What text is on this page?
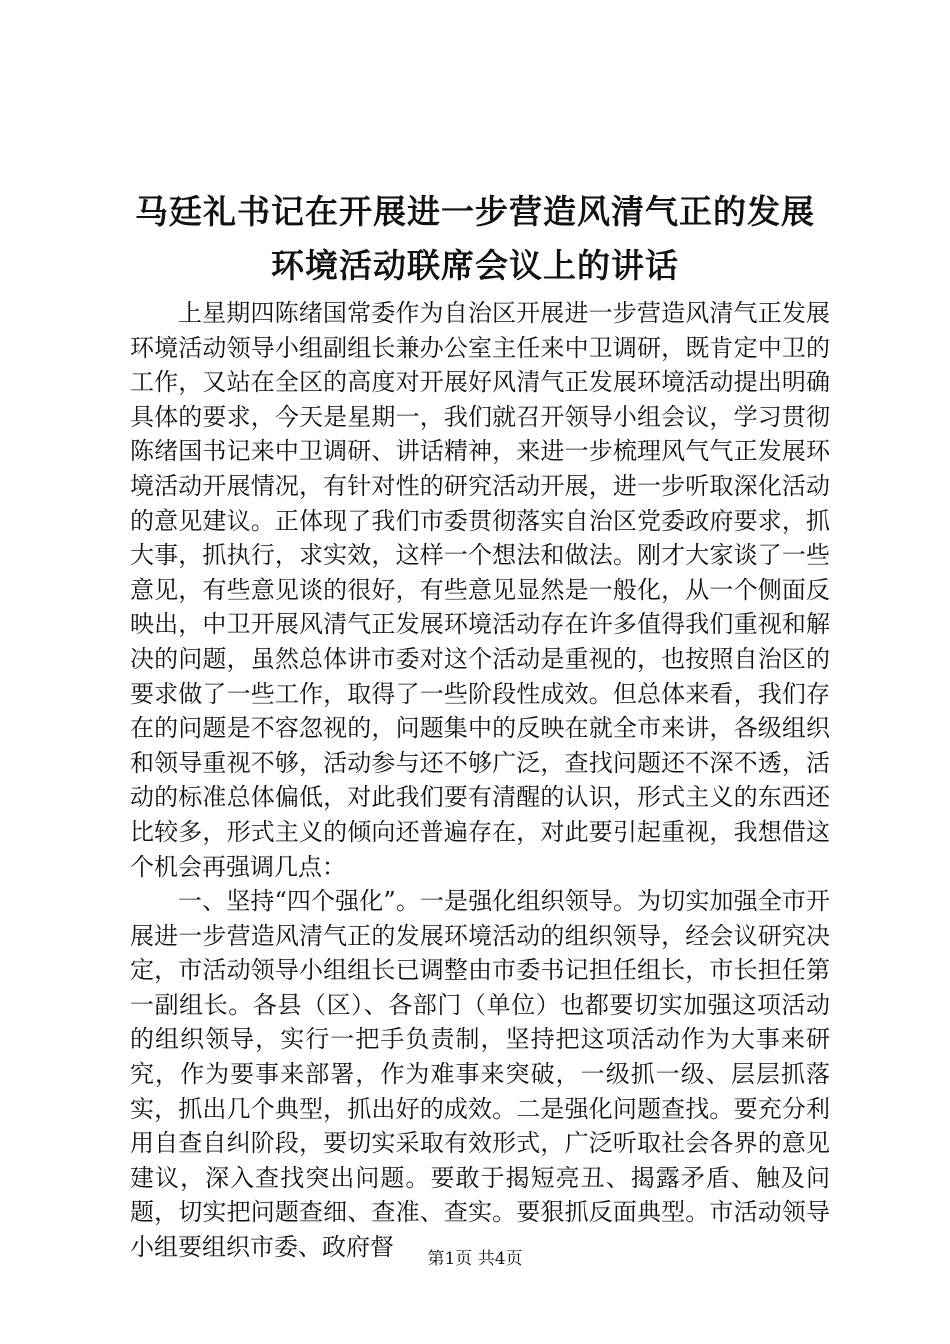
马廷礼书记在开展进一步营造风清气正的发展
环境活动联席会议上的讲话

上星期四陈绪国常委作为自治区开展进一步营造风清气正发展环境活动领导小组副组长兼办公室主任来中卫调研，既肯定中卫的工作，又站在全区的高度对开展好风清气正发展环境活动提出明确具体的要求，今天是星期一，我们就召开领导小组会议，学习贯彻陈绪国书记来中卫调研、讲话精神，来进一步梳理风气气正发展环境活动开展情况，有针对性的研究活动开展，进一步听取深化活动的意见建议。正体现了我们市委贯彻落实自治区党委政府要求，抓大事，抓执行，求实效，这样一个想法和做法。刚才大家谈了一些意见，有些意见谈的很好，有些意见显然是一般化，从一个侧面反映出，中卫开展风清气正发展环境活动存在许多值得我们重视和解决的问题，虽然总体讲市委对这个活动是重视的，也按照自治区的要求做了一些工作，取得了一些阶段性成效。但总体来看，我们存在的问题是不容忽视的，问题集中的反映在就全市来讲，各级组织和领导重视不够，活动参与还不够广泛，查找问题还不深不透，活动的标准总体偏低，对此我们要有清醒的认识，形式主义的东西还比较多，形式主义的倾向还普遍存在，对此要引起重视，我想借这个机会再强调几点：

一、坚持“四个强化”。一是强化组织领导。为切实加强全市开展进一步营造风清气正的发展环境活动的组织领导，经会议研究决定，市活动领导小组组长已调整由市委书记担任组长，市长担任第一副组长。各县（区）、各部门（单位）也都要切实加强这项活动的组织领导，实行一把手负责制，坚持把这项活动作为大事来研究，作为要事来部署，作为难事来突破，一级抓一级、层层抓落实，抓出几个典型，抓出好的成效。二是强化问题查找。要充分利用自查自纠阶段，要切实采取有效形式，广泛听取社会各界的意见建议，深入查找突出问题。要敢于揭短亮丑、揭露矛盾、触及问题，切实把问题查细、查准、查实。要狠抓反面典型。市活动领导小组要组织市委、政府督	第1页 共4页
